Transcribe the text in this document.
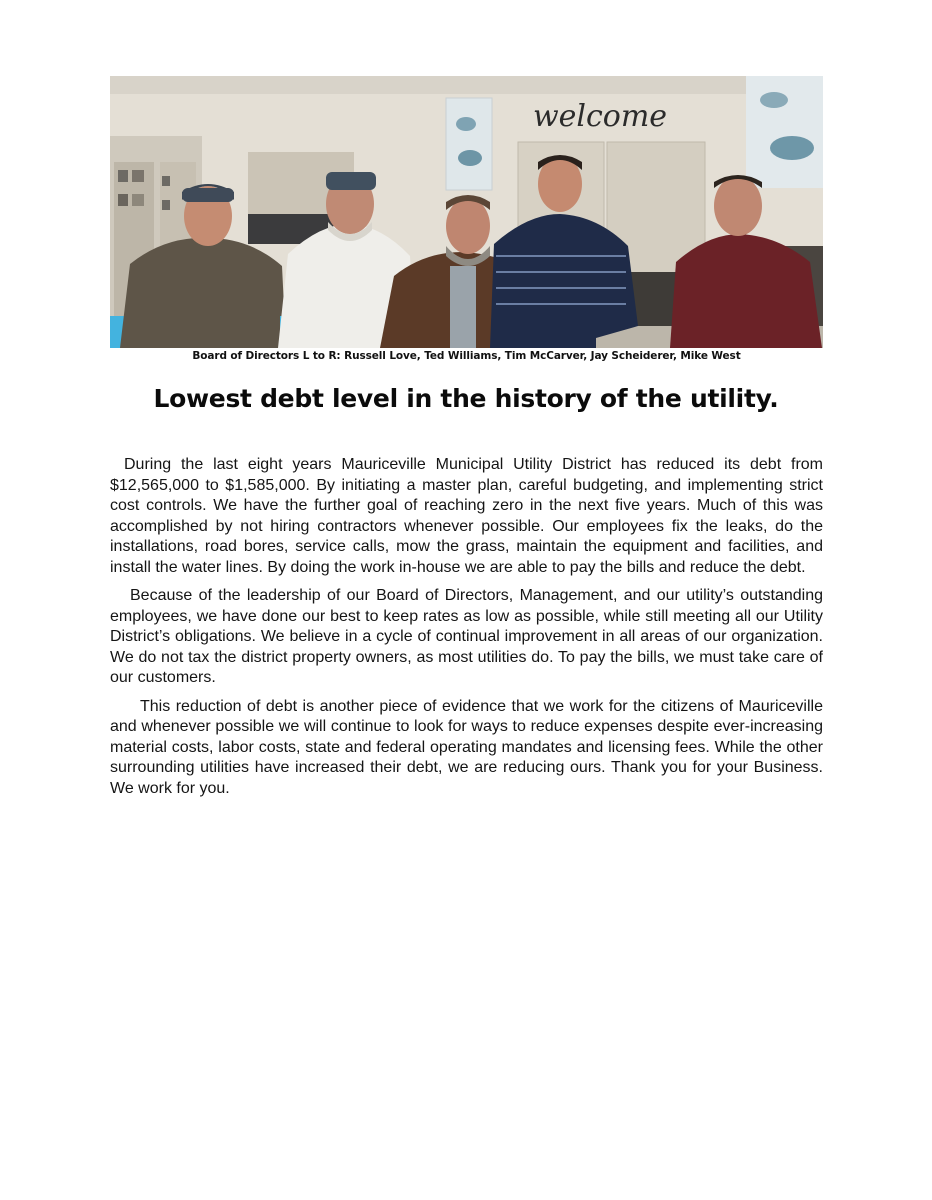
welcome
Board of Directors L to R: Russell Love, Ted Williams, Tim McCarver, Jay Scheiderer, Mike West
Lowest debt level in the history of the utility.

During the last eight years Mauriceville Municipal Utility District has reduced its debt from $12,565,000 to $1,585,000. By initiating a master plan, careful budgeting, and implementing strict cost controls. We have the further goal of reaching zero in the next five years. Much of this was accomplished by not hiring contractors whenever possible. Our employees fix the leaks, do the installations, road bores, service calls, mow the grass, maintain the equipment and facilities, and install the water lines. By doing the work in-house we are able to pay the bills and reduce the debt.

Because of the leadership of our Board of Directors, Management, and our utility’s outstanding employees, we have done our best to keep rates as low as possible, while still meeting all our Utility District’s obligations. We believe in a cycle of continual improvement in all areas of our organization. We do not tax the district property owners, as most utilities do. To pay the bills, we must take care of our customers.

This reduction of debt is another piece of evidence that we work for the citizens of Mauriceville and whenever possible we will continue to look for ways to reduce expenses despite ever-increasing material costs, labor costs, state and federal operating mandates and licensing fees. While the other surrounding utilities have increased their debt, we are reducing ours. Thank you for your Business. We work for you.
